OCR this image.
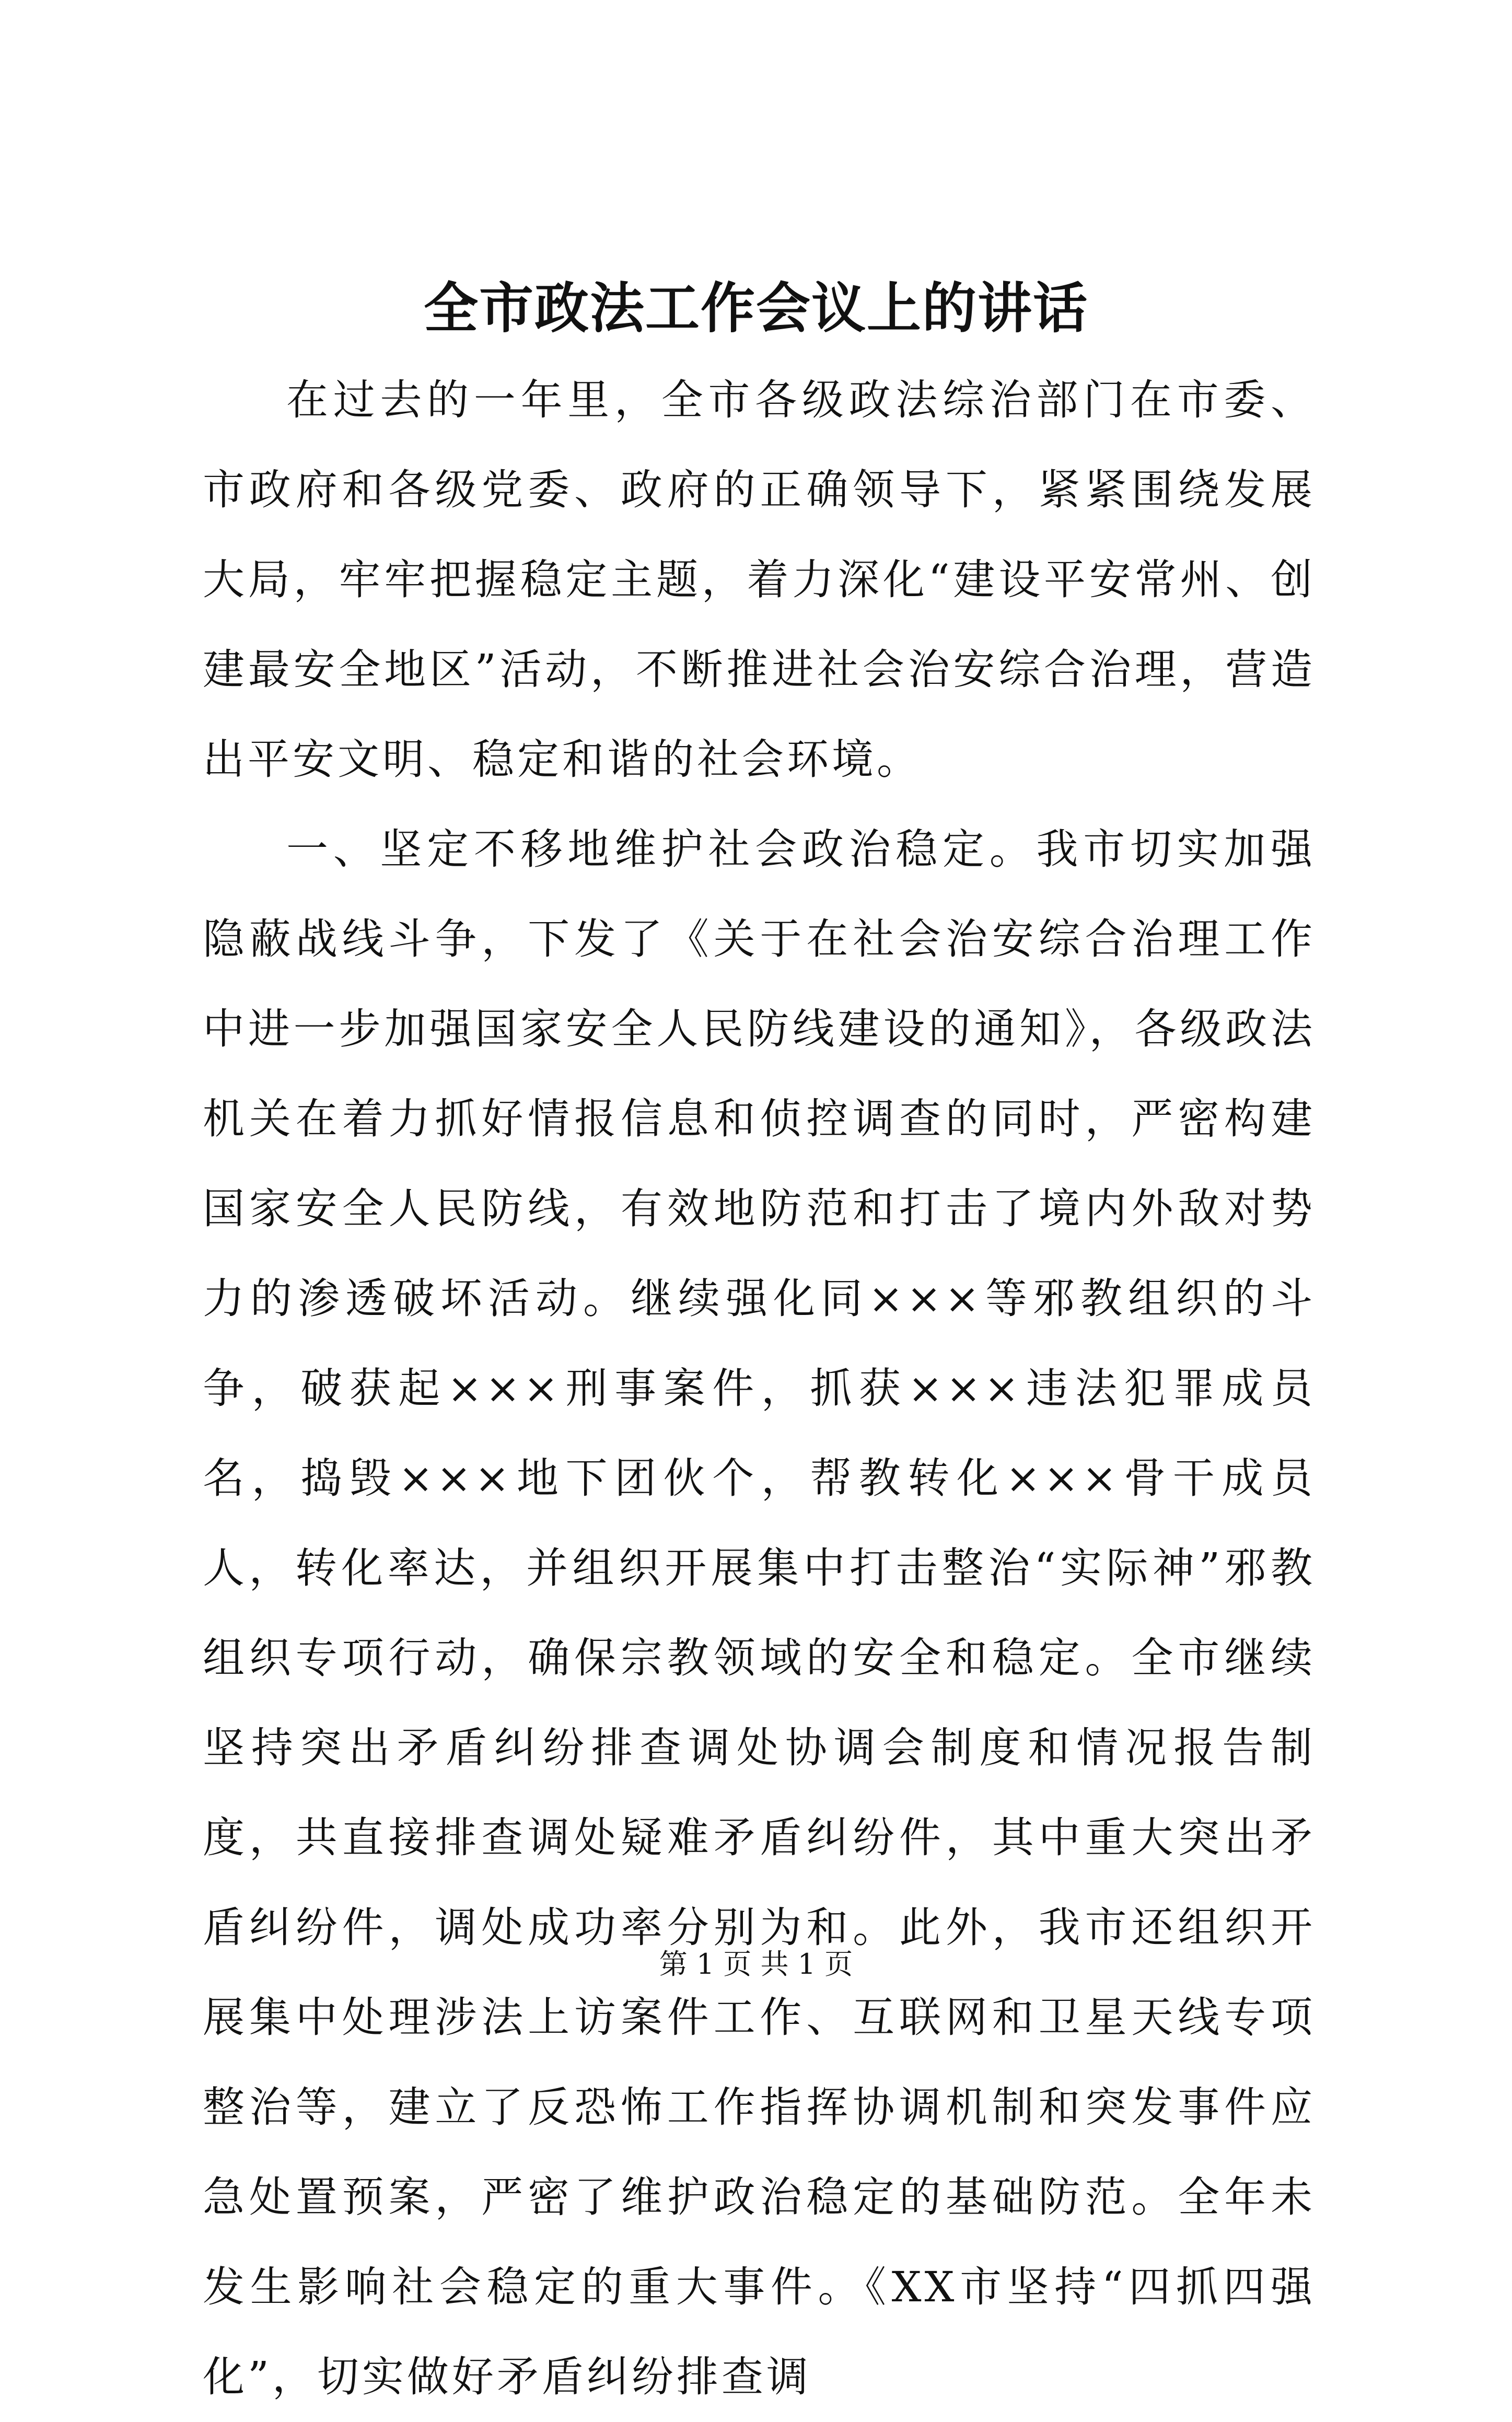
全市政法工作会议上的讲话

在过去的一年里，全市各级政法综治部门在市委、市政府和各级党委、政府的正确领导下，紧紧围绕发展大局，牢牢把握稳定主题，着力深化“建设平安常州、创建最安全地区”活动，不断推进社会治安综合治理，营造出平安文明、稳定和谐的社会环境。

一、坚定不移地维护社会政治稳定。我市切实加强隐蔽战线斗争，下发了《关于在社会治安综合治理工作中进一步加强国家安全人民防线建设的通知》，各级政法机关在着力抓好情报信息和侦控调查的同时，严密构建国家安全人民防线，有效地防范和打击了境内外敌对势力的渗透破坏活动。继续强化同×××等邪教组织的斗争，破获起×××刑事案件，抓获×××违法犯罪成员名，捣毁×××地下团伙个，帮教转化×××骨干成员人，转化率达，并组织开展集中打击整治“实际神”邪教组织专项行动，确保宗教领域的安全和稳定。全市继续坚持突出矛盾纠纷排查调处协调会制度和情况报告制度，共直接排查调处疑难矛盾纠纷件，其中重大突出矛盾纠纷件，调处成功率分别为和。此外，我市还组织开展集中处理涉法上访案件工作、互联网和卫星天线专项整治等，建立了反恐怖工作指挥协调机制和突发事件应急处置预案，严密了维护政治稳定的基础防范。全年未发生影响社会稳定的重大事件。《XX市坚持“四抓四强化”，切实做好矛盾纠纷排查调

第 1 页 共 1 页
